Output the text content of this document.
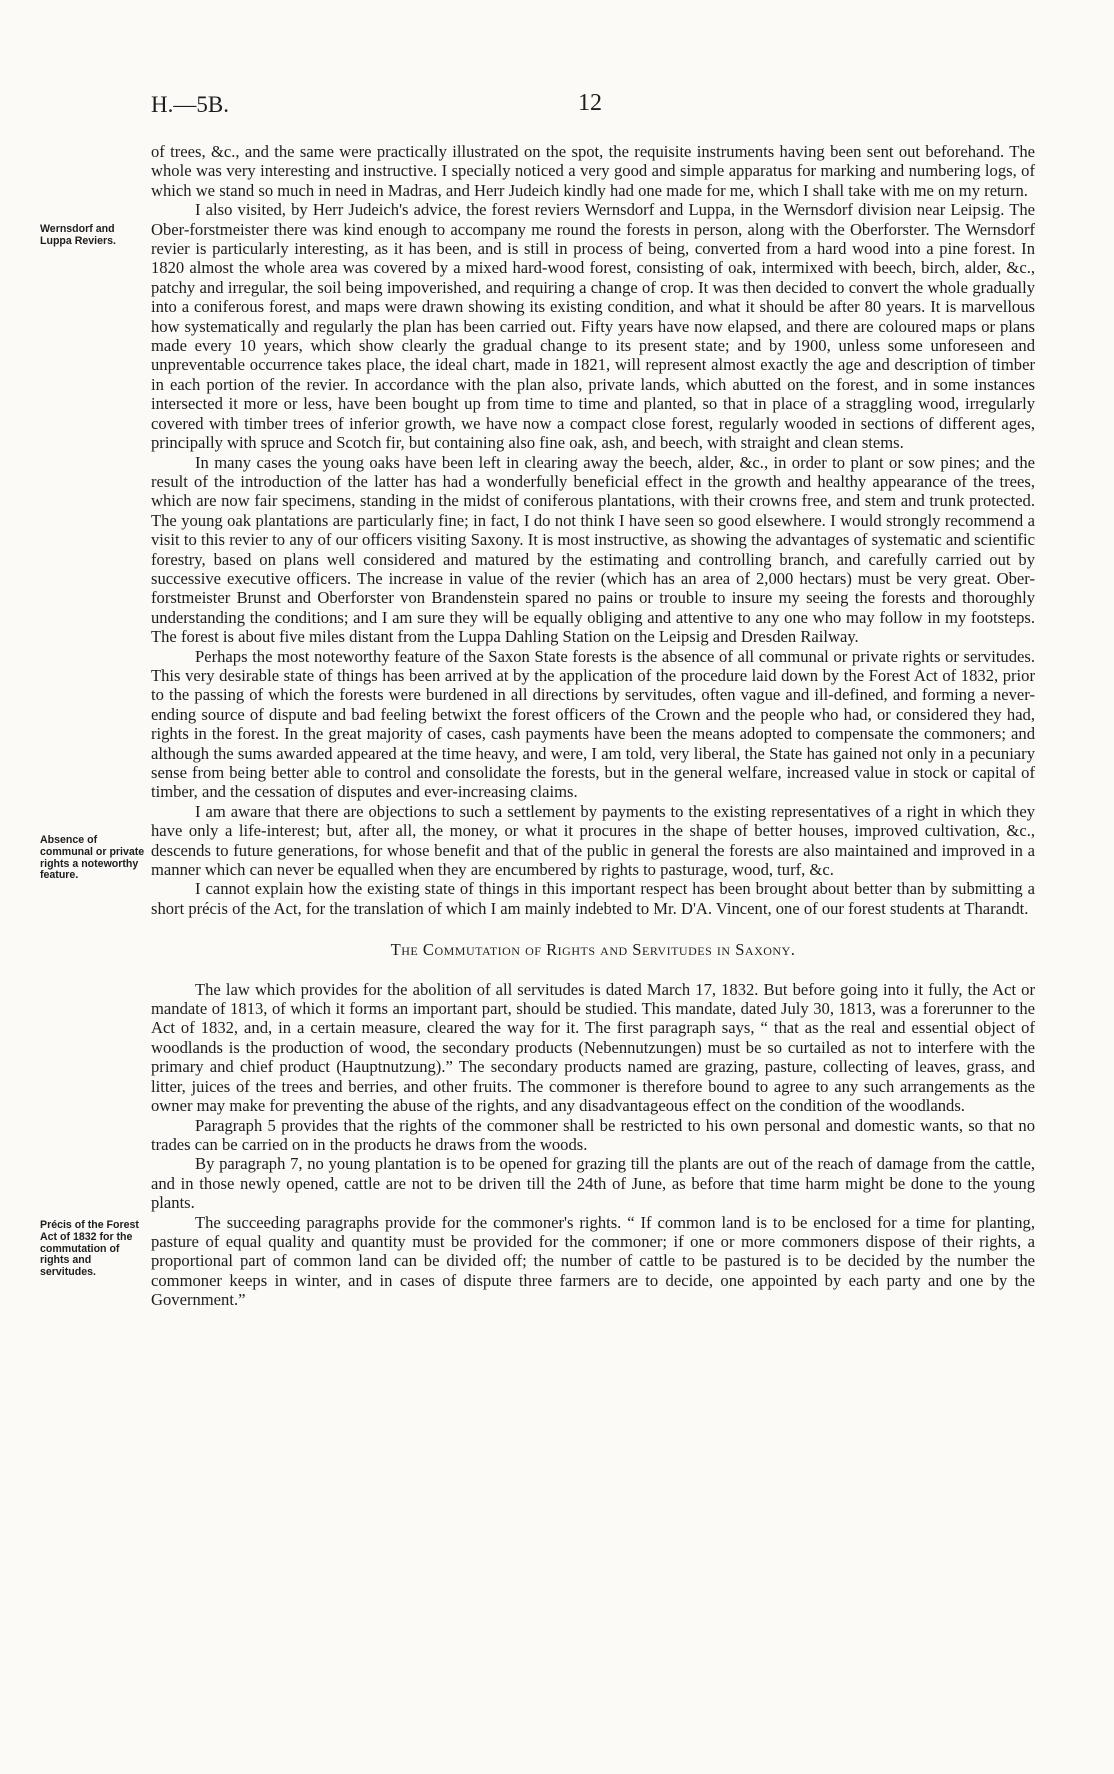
H.—5B.	12
Wernsdorf and Luppa Reviers.
Absence of communal or private rights a noteworthy feature.
Précis of the Forest Act of 1832 for the commutation of rights and servitudes.

of trees, &c., and the same were practically illustrated on the spot, the requisite instruments having been sent out beforehand. The whole was very interesting and instructive. I specially noticed a very good and simple apparatus for marking and numbering logs, of which we stand so much in need in Madras, and Herr Judeich kindly had one made for me, which I shall take with me on my return.

I also visited, by Herr Judeich's advice, the forest reviers Wernsdorf and Luppa, in the Wernsdorf division near Leipsig. The Ober-forstmeister there was kind enough to accompany me round the forests in person, along with the Oberforster. The Wernsdorf revier is particularly interesting, as it has been, and is still in process of being, converted from a hard wood into a pine forest. In 1820 almost the whole area was covered by a mixed hard-wood forest, consisting of oak, intermixed with beech, birch, alder, &c., patchy and irregular, the soil being impoverished, and requiring a change of crop. It was then decided to convert the whole gradually into a coniferous forest, and maps were drawn showing its existing condition, and what it should be after 80 years. It is marvellous how systematically and regularly the plan has been carried out. Fifty years have now elapsed, and there are coloured maps or plans made every 10 years, which show clearly the gradual change to its present state; and by 1900, unless some unforeseen and unpreventable occurrence takes place, the ideal chart, made in 1821, will represent almost exactly the age and description of timber in each portion of the revier. In accordance with the plan also, private lands, which abutted on the forest, and in some instances intersected it more or less, have been bought up from time to time and planted, so that in place of a straggling wood, irregularly covered with timber trees of inferior growth, we have now a compact close forest, regularly wooded in sections of different ages, principally with spruce and Scotch fir, but containing also fine oak, ash, and beech, with straight and clean stems.

In many cases the young oaks have been left in clearing away the beech, alder, &c., in order to plant or sow pines; and the result of the introduction of the latter has had a wonderfully beneficial effect in the growth and healthy appearance of the trees, which are now fair specimens, standing in the midst of coniferous plantations, with their crowns free, and stem and trunk protected. The young oak plantations are particularly fine; in fact, I do not think I have seen so good elsewhere. I would strongly recommend a visit to this revier to any of our officers visiting Saxony. It is most instructive, as showing the advantages of systematic and scientific forestry, based on plans well considered and matured by the estimating and controlling branch, and carefully carried out by successive executive officers. The increase in value of the revier (which has an area of 2,000 hectars) must be very great. Ober-forstmeister Brunst and Oberforster von Brandenstein spared no pains or trouble to insure my seeing the forests and thoroughly understanding the conditions; and I am sure they will be equally obliging and attentive to any one who may follow in my footsteps. The forest is about five miles distant from the Luppa Dahling Station on the Leipsig and Dresden Railway.

Perhaps the most noteworthy feature of the Saxon State forests is the absence of all communal or private rights or servitudes. This very desirable state of things has been arrived at by the application of the procedure laid down by the Forest Act of 1832, prior to the passing of which the forests were burdened in all directions by servitudes, often vague and ill-defined, and forming a never-ending source of dispute and bad feeling betwixt the forest officers of the Crown and the people who had, or considered they had, rights in the forest. In the great majority of cases, cash payments have been the means adopted to compensate the commoners; and although the sums awarded appeared at the time heavy, and were, I am told, very liberal, the State has gained not only in a pecuniary sense from being better able to control and consolidate the forests, but in the general welfare, increased value in stock or capital of timber, and the cessation of disputes and ever-increasing claims.

I am aware that there are objections to such a settlement by payments to the existing representatives of a right in which they have only a life-interest; but, after all, the money, or what it procures in the shape of better houses, improved cultivation, &c., descends to future generations, for whose benefit and that of the public in general the forests are also maintained and improved in a manner which can never be equalled when they are encumbered by rights to pasturage, wood, turf, &c.

I cannot explain how the existing state of things in this important respect has been brought about better than by submitting a short précis of the Act, for the translation of which I am mainly indebted to Mr. D'A. Vincent, one of our forest students at Tharandt.

The Commutation of Rights and Servitudes in Saxony.

The law which provides for the abolition of all servitudes is dated March 17, 1832. But before going into it fully, the Act or mandate of 1813, of which it forms an important part, should be studied. This mandate, dated July 30, 1813, was a forerunner to the Act of 1832, and, in a certain measure, cleared the way for it. The first paragraph says, “ that as the real and essential object of woodlands is the production of wood, the secondary products (Nebennutzungen) must be so curtailed as not to interfere with the primary and chief product (Hauptnutzung).” The secondary products named are grazing, pasture, collecting of leaves, grass, and litter, juices of the trees and berries, and other fruits. The commoner is therefore bound to agree to any such arrangements as the owner may make for preventing the abuse of the rights, and any disadvantageous effect on the condition of the woodlands.

Paragraph 5 provides that the rights of the commoner shall be restricted to his own personal and domestic wants, so that no trades can be carried on in the products he draws from the woods.

By paragraph 7, no young plantation is to be opened for grazing till the plants are out of the reach of damage from the cattle, and in those newly opened, cattle are not to be driven till the 24th of June, as before that time harm might be done to the young plants.

The succeeding paragraphs provide for the commoner's rights. “ If common land is to be enclosed for a time for planting, pasture of equal quality and quantity must be provided for the commoner; if one or more commoners dispose of their rights, a proportional part of common land can be divided off; the number of cattle to be pastured is to be decided by the number the commoner keeps in winter, and in cases of dispute three farmers are to decide, one appointed by each party and one by the Government.”
